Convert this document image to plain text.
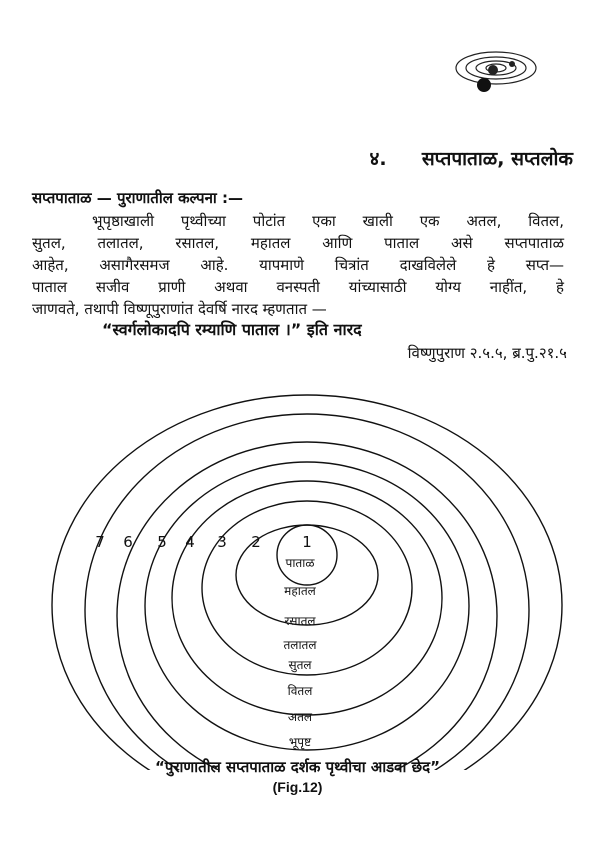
४. सप्तपाताळ, सप्तलोक
सप्तपाताळ — पुराणातील कल्पना :—
भूपृष्ठाखाली पृथ्वीच्या पोटांत एका खाली एक अतल, वितल,
सुतल, तलातल, रसातल, महातल आणि पाताल असे सप्तपाताळ
आहेत, असागैरसमज आहे. यापमाणे चित्रांत दाखविलेले हे सप्त—
पाताल सजीव प्राणी अथवा वनस्पती यांच्यासाठी योग्य नाहींत, हे
जाणवते, तथापी विष्णूपुराणांत देवर्षि नारद म्हणतात —
“स्वर्गलोकादपि रम्याणि पाताल ।” इति नारद
विष्णुपुराण २.५.५, ब्र.पु.२१.५
1
2
3
4
5
6
7
पाताळ
महातल
रसातल
तलातल
सुतल
वितल
अतल
भूपृष्ट
“पुराणातील सप्तपाताळ दर्शक पृथ्वीचा आडवा छेद”
(Fig.12)
